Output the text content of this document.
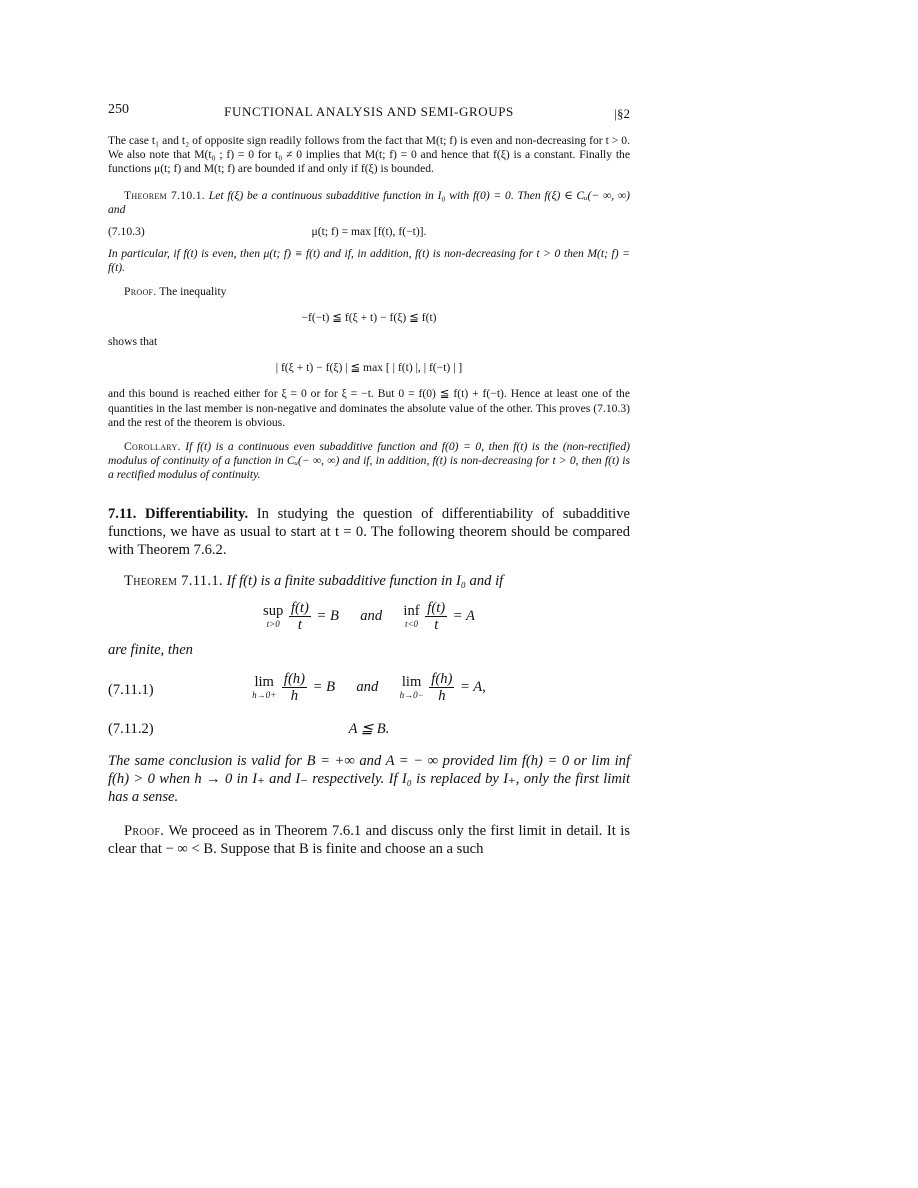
250	FUNCTIONAL ANALYSIS AND SEMI-GROUPS	|§2

The case t₁ and t₂ of opposite sign readily follows from the fact that M(t; f) is even and non-decreasing for t > 0. We also note that M(t₀ ; f) = 0 for t₀ ≠ 0 implies that M(t; f) = 0 and hence that f(ξ) is a constant. Finally the functions μ(t; f) and M(t; f) are bounded if and only if f(ξ) is bounded.

Theorem 7.10.1. Let f(ξ) be a continuous subadditive function in I₀ with f(0) = 0. Then f(ξ) ∈ Cᵤ(− ∞, ∞) and

(7.10.3)	μ(t; f) = max [f(t), f(−t)].

In particular, if f(t) is even, then μ(t; f) ≡ f(t) and if, in addition, f(t) is non-decreasing for t > 0 then M(t; f) = f(t).

Proof. The inequality

−f(−t) ≦ f(ξ + t) − f(ξ) ≦ f(t)

shows that

| f(ξ + t) − f(ξ) | ≦ max [ | f(t) |, | f(−t) | ]

and this bound is reached either for ξ = 0 or for ξ = −t. But 0 = f(0) ≦ f(t) + f(−t). Hence at least one of the quantities in the last member is non-negative and dominates the absolute value of the other. This proves (7.10.3) and the rest of the theorem is obvious.

Corollary. If f(t) is a continuous even subadditive function and f(0) = 0, then f(t) is the (non-rectified) modulus of continuity of a function in Cᵤ(− ∞, ∞) and if, in addition, f(t) is non-decreasing for t > 0, then f(t) is a rectified modulus of continuity.

7.11. Differentiability. In studying the question of differentiability of subadditive functions, we have as usual to start at t = 0. The following theorem should be compared with Theorem 7.6.2.

Theorem 7.11.1. If f(t) is a finite subadditive function in I₀ and if

sup
t>0
$\frac{f(t)}{t} = B$ and inf
t<0
$\frac{f(t)}{t} = A$

are finite, then

(7.11.1)	lim
h→0+
$\frac{f(h)}{h} = B$ and lim
h→0−
$\frac{f(h)}{h} = A$,
(7.11.2)	A ≦ B.

The same conclusion is valid for B = +∞ and A = − ∞ provided lim f(h) = 0 or lim inf f(h) > 0 when h → 0 in I₊ and I₋ respectively. If I₀ is replaced by I₊, only the first limit has a sense.

Proof. We proceed as in Theorem 7.6.1 and discuss only the first limit in detail. It is clear that − ∞ < B. Suppose that B is finite and choose an a such
